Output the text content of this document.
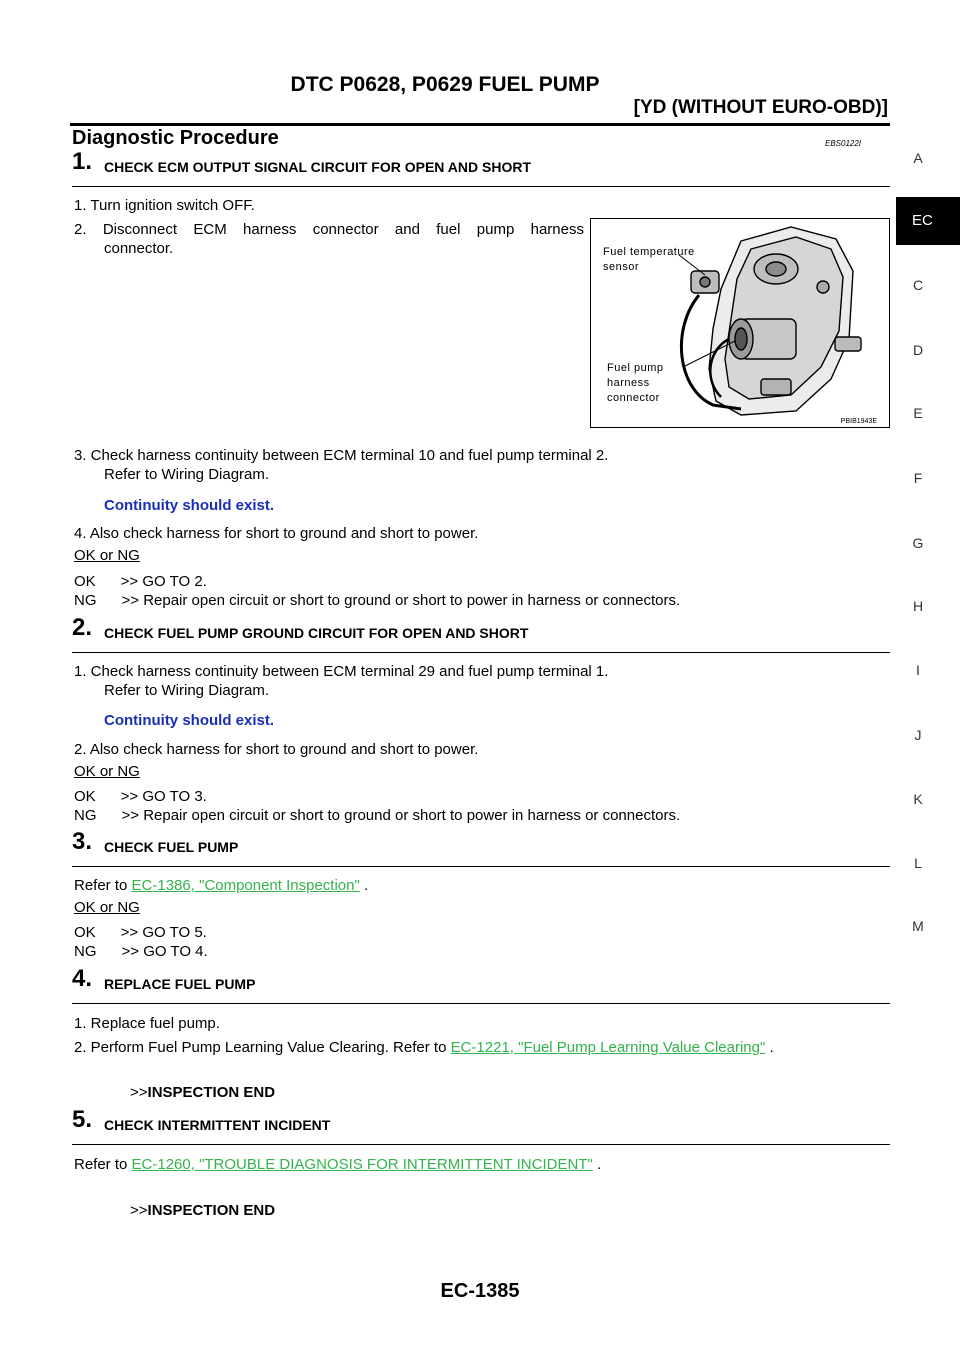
DTC P0628, P0629 FUEL PUMP
[YD (WITHOUT EURO-OBD)]
A
EC
C
D
E
F
G
H
I
J
K
L
M
Diagnostic Procedure	EBS0122I
1. CHECK ECM OUTPUT SIGNAL CIRCUIT FOR OPEN AND SHORT
1. Turn ignition switch OFF.
2. Disconnect ECM harness connector and fuel pump harness
connector.	Fuel temperature
sensor
Fuel pump
harness
connector
PBIB1943E
3. Check harness continuity between ECM terminal 10 and fuel pump terminal 2.
Refer to Wiring Diagram.
Continuity should exist.
4. Also check harness for short to ground and short to power.
OK or NG
OK      >> GO TO 2.
NG      >> Repair open circuit or short to ground or short to power in harness or connectors.
2. CHECK FUEL PUMP GROUND CIRCUIT FOR OPEN AND SHORT
1. Check harness continuity between ECM terminal 29 and fuel pump terminal 1.
Refer to Wiring Diagram.
Continuity should exist.
2. Also check harness for short to ground and short to power.
OK or NG
OK      >> GO TO 3.
NG      >> Repair open circuit or short to ground or short to power in harness or connectors.
3. CHECK FUEL PUMP
Refer to EC-1386, "Component Inspection" .
OK or NG
OK      >> GO TO 5.
NG      >> GO TO 4.
4. REPLACE FUEL PUMP
1. Replace fuel pump.
2. Perform Fuel Pump Learning Value Clearing. Refer to EC-1221, "Fuel Pump Learning Value Clearing" .
>>INSPECTION END
5. CHECK INTERMITTENT INCIDENT
Refer to EC-1260, "TROUBLE DIAGNOSIS FOR INTERMITTENT INCIDENT" .
>>INSPECTION END
EC-1385
